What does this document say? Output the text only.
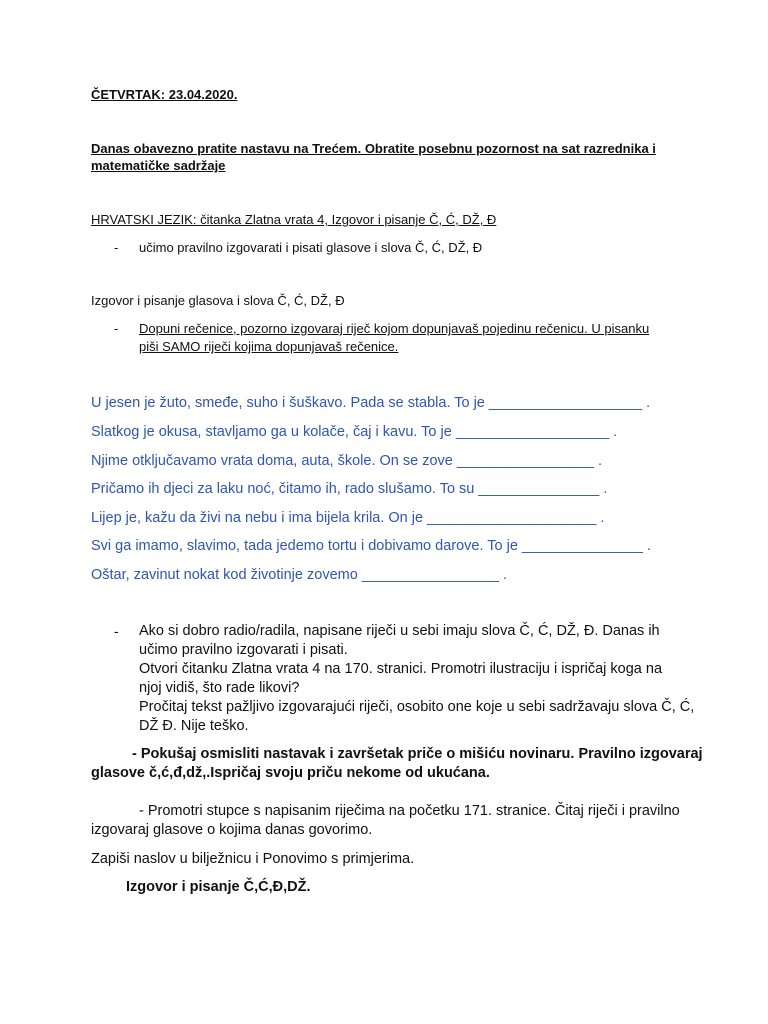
ČETVRTAK: 23.04.2020.
Danas obavezno pratite nastavu na Trećem. Obratite posebnu pozornost na sat razrednika i
matematičke sadržaje
HRVATSKI JEZIK: čitanka Zlatna vrata 4, Izgovor i pisanje Č, Ć, DŽ, Đ
- učimo pravilno izgovarati i pisati glasove i slova Č, Ć, DŽ, Đ
Izgovor i pisanje glasova i slova Č, Ć, DŽ, Đ
- Dopuni rečenice, pozorno izgovaraj riječ kojom dopunjavaš pojedinu rečenicu. U pisanku
piši SAMO riječi kojima dopunjavaš rečenice.
U jesen je žuto, smeđe, suho i šuškavo. Pada se stabla. To je ___________________ .
Slatkog je okusa, stavljamo ga u kolače, čaj i kavu. To je ___________________ .
Njime otključavamo vrata doma, auta, škole. On se zove _________________ .
Pričamo ih djeci za laku noć, čitamo ih, rado slušamo. To su _______________ .
Lijep je, kažu da živi na nebu i ima bijela krila. On je _____________________ .
Svi ga imamo, slavimo, tada jedemo tortu i dobivamo darove. To je _______________ .
Oštar, zavinut nokat kod životinje zovemo _________________ .
- Ako si dobro radio/radila, napisane riječi u sebi imaju slova Č, Ć, DŽ, Đ. Danas ih
učimo pravilno izgovarati i pisati.
Otvori čitanku Zlatna vrata 4 na 170. stranici. Promotri ilustraciju i ispričaj koga na
njoj vidiš, što rade likovi?
Pročitaj tekst pažljivo izgovarajući riječi, osobito one koje u sebi sadržavaju slova Č, Ć,
DŽ Đ. Nije teško.
- Pokušaj osmisliti nastavak i završetak priče o mišiću novinaru. Pravilno izgovaraj
glasove č,ć,đ,dž,.Ispričaj svoju priču nekome od ukućana.
- Promotri stupce s napisanim riječima na početku 171. stranice. Čitaj riječi i pravilno
izgovaraj glasove o kojima danas govorimo.
Zapiši naslov u bilježnicu i Ponovimo s primjerima.
Izgovor i pisanje Č,Ć,Đ,DŽ.
